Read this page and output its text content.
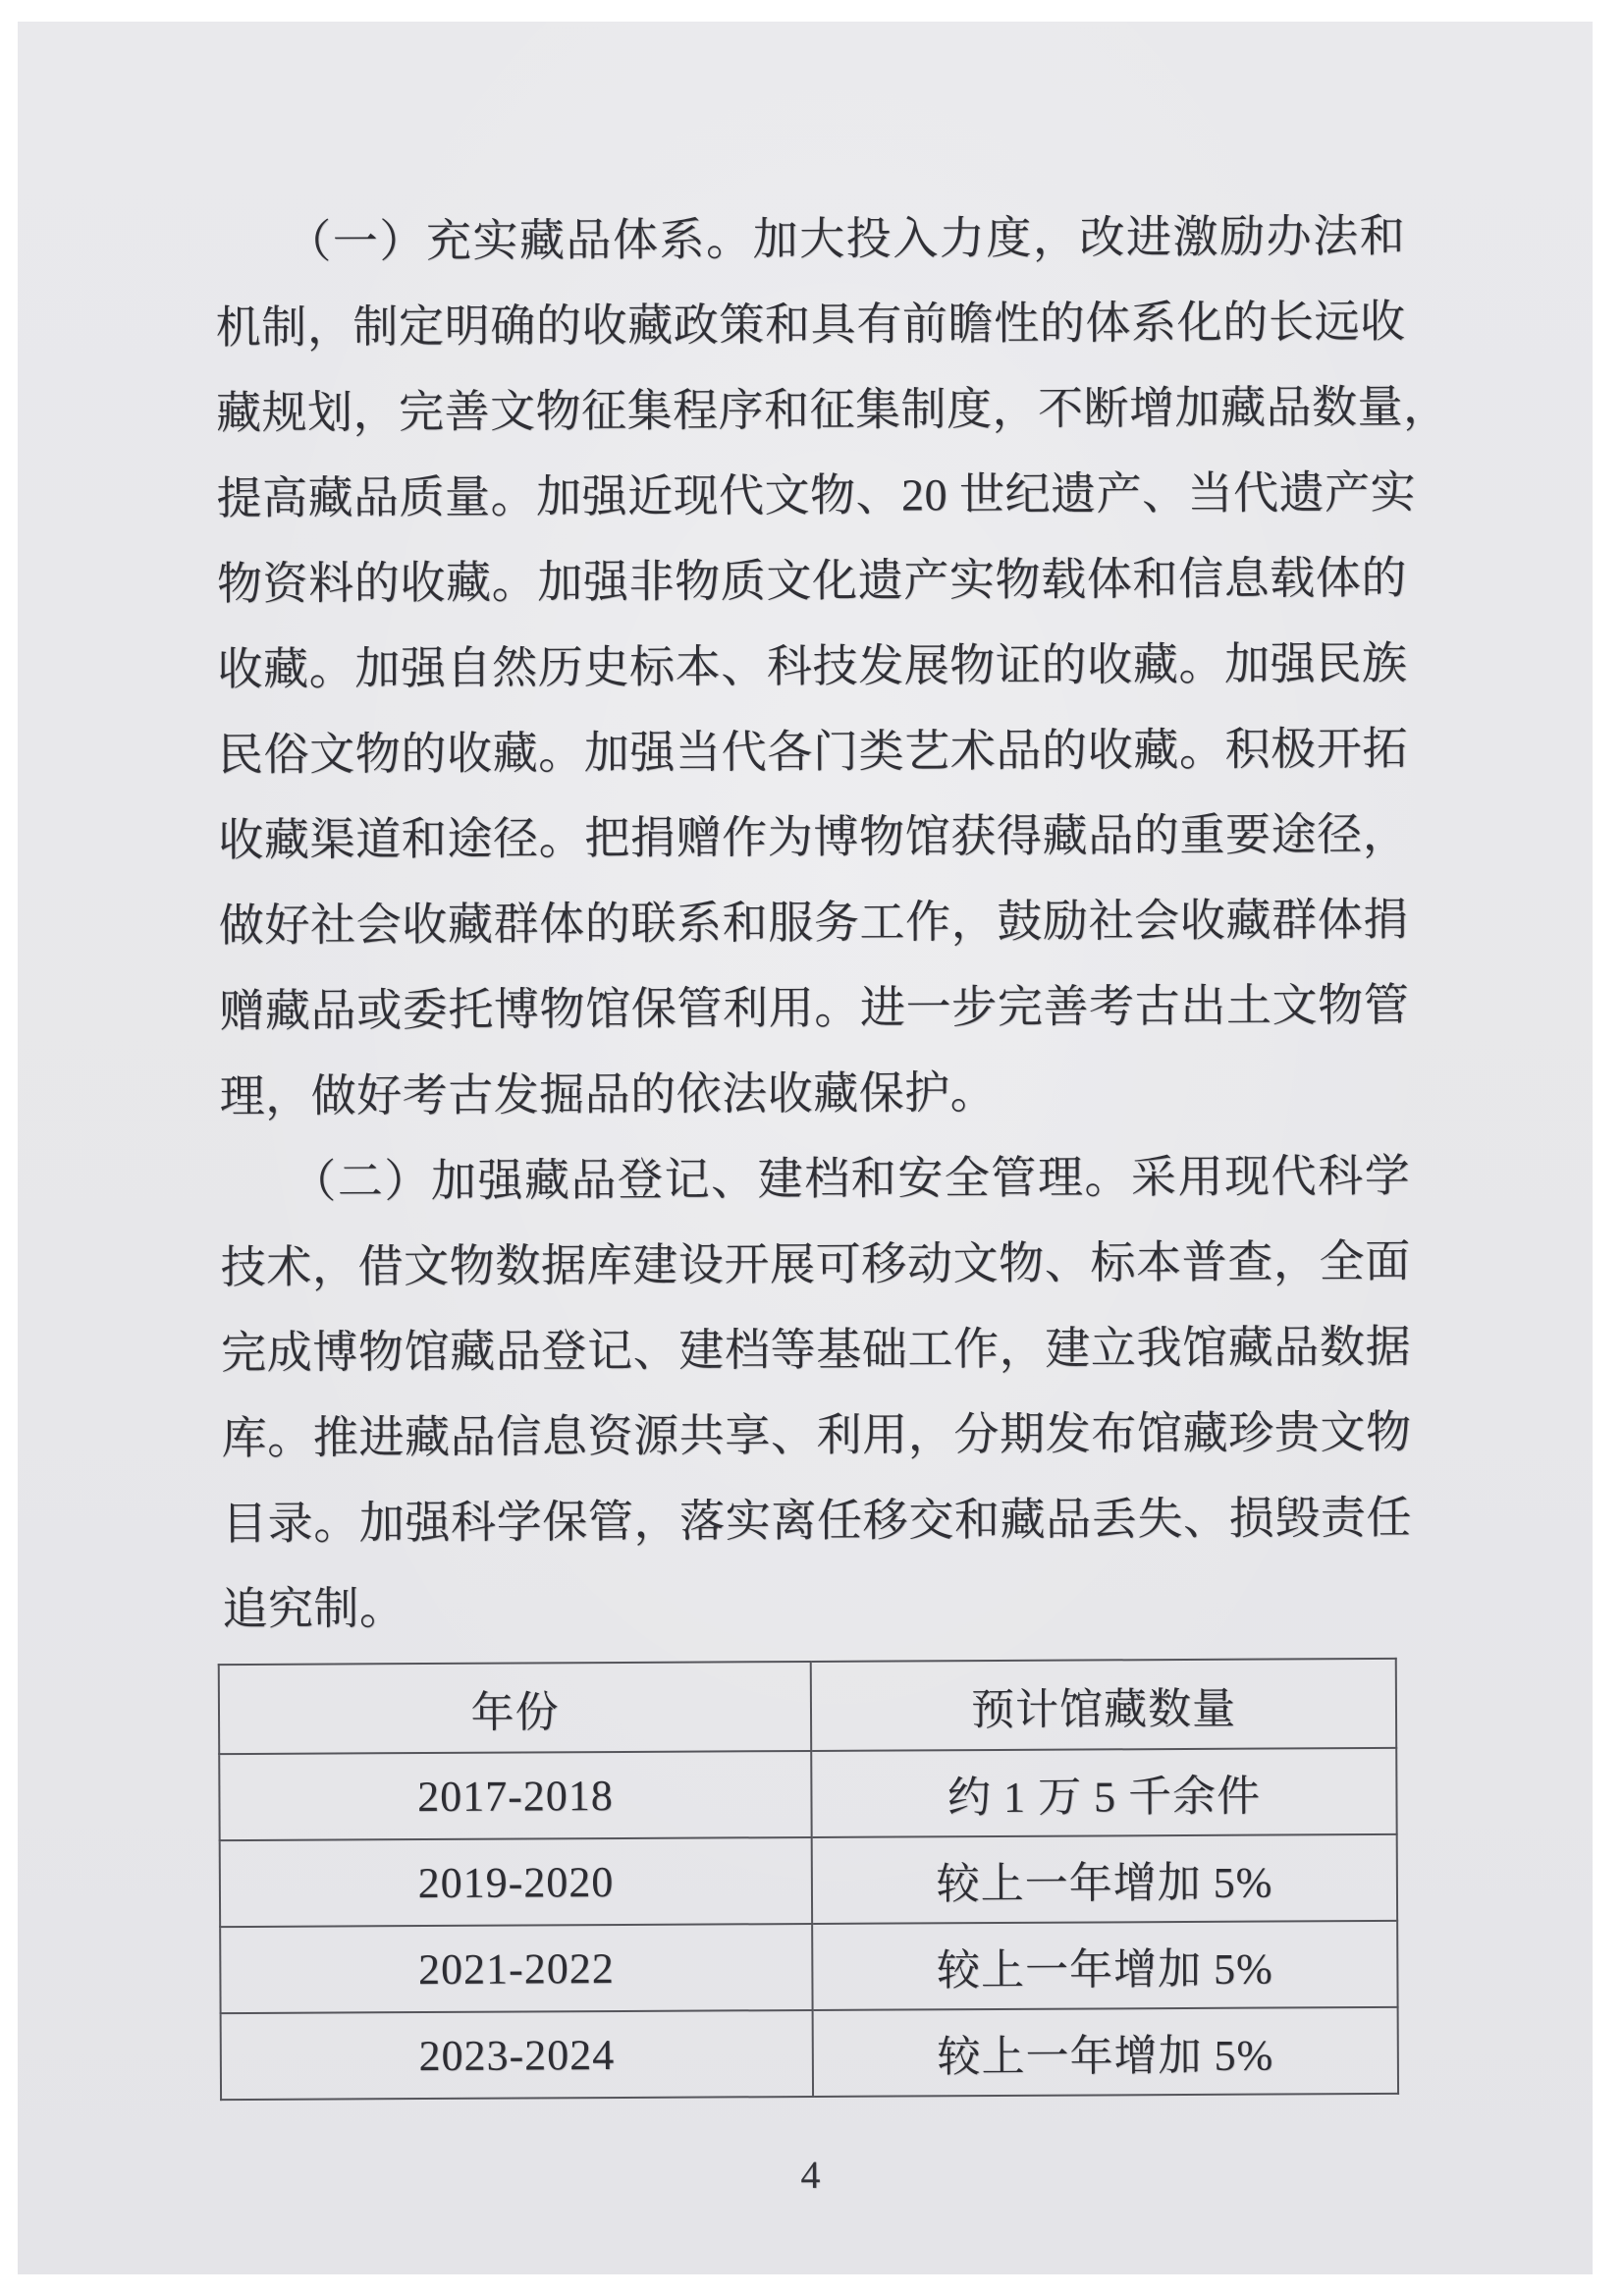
　　（一）充实藏品体系。加大投入力度，改进激励办法和
机制，制定明确的收藏政策和具有前瞻性的体系化的长远收
藏规划，完善文物征集程序和征集制度，不断增加藏品数量，
提高藏品质量。加强近现代文物、20 世纪遗产、当代遗产实
物资料的收藏。加强非物质文化遗产实物载体和信息载体的
收藏。加强自然历史标本、科技发展物证的收藏。加强民族
民俗文物的收藏。加强当代各门类艺术品的收藏。积极开拓
收藏渠道和途径。把捐赠作为博物馆获得藏品的重要途径，
做好社会收藏群体的联系和服务工作，鼓励社会收藏群体捐
赠藏品或委托博物馆保管利用。进一步完善考古出土文物管
理，做好考古发掘品的依法收藏保护。
　　（二）加强藏品登记、建档和安全管理。采用现代科学
技术，借文物数据库建设开展可移动文物、标本普查，全面
完成博物馆藏品登记、建档等基础工作，建立我馆藏品数据
库。推进藏品信息资源共享、利用，分期发布馆藏珍贵文物
目录。加强科学保管，落实离任移交和藏品丢失、损毁责任
追究制。
年份	预计馆藏数量
2017-2018	约 1 万 5 千余件
2019-2020	较上一年增加 5%
2021-2022	较上一年增加 5%
2023-2024	较上一年增加 5%
4
